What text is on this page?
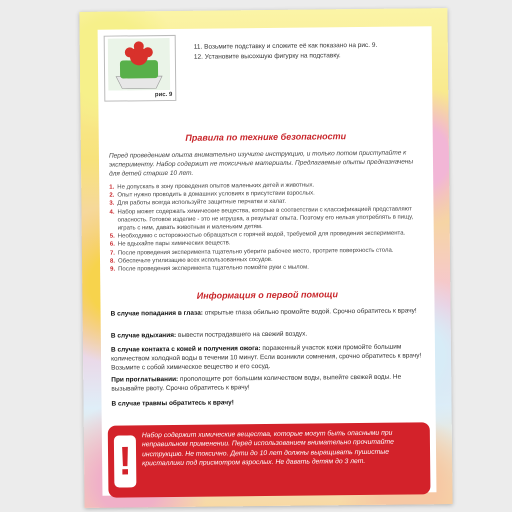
рис. 9
11. Возьмите подставку и сложите её как показано на рис. 9.
12. Установите высохшую фигурку на подставку.
Правила по технике безопасности
Перед проведением опыта внимательно изучите инструкцию, и только потом приступайте к эксперименту. Набор содержит не токсичные материалы. Предлагаемые опыты предназначены для детей старше 10 лет.
1. Не допускать в зону проведения опытов маленьких детей и животных.
2. Опыт нужно проводить в домашних условиях в присутствии взрослых.
3. Для работы всегда используйте защитные перчатки и халат.
4. Набор может содержать химические вещества, которые в соответствии с классификацией представляют опасность. Готовое изделие - это не игрушка, а результат опыта. Поэтому его нельзя употреблять в пищу, играть с ним, давать животным и маленьким детям.
5. Необходимо с осторожностью обращаться с горячей водой, требуемой для проведения эксперимента.
6. Не вдыхайте пары химических веществ.
7. После проведения эксперимента тщательно уберите рабочее место, протрите поверхность стола.
8. Обеспечьте утилизацию всех использованных сосудов.
9. После проведения эксперимента тщательно помойте руки с мылом.
Информация о первой помощи
В случае попадания в глаза: открытые глаза обильно промойте водой. Срочно обратитесь к врачу!
В случае вдыхания: вывести пострадавшего на свежий воздух.
В случае контакта с кожей и получения ожога: пораженный участок кожи промойте большим количеством холодной воды в течении 10 минут. Если возникли сомнения, срочно обратитесь к врачу! Возьмите с собой химическое вещество и его сосуд.
При проглатывании: прополощите рот большим количеством воды, выпейте свежей воды. Не вызывайте рвоту. Срочно обратитесь к врачу!
В случае травмы обратитесь к врачу!
!
Набор содержит химические вещества, которые могут быть опасными при неправильном применении. Перед использованием внимательно прочитайте инструкцию. Не токсично. Дети до 10 лет должны выращивать пушистые кристаллики под присмотром взрослых. Не давать детям до 3 лет.
